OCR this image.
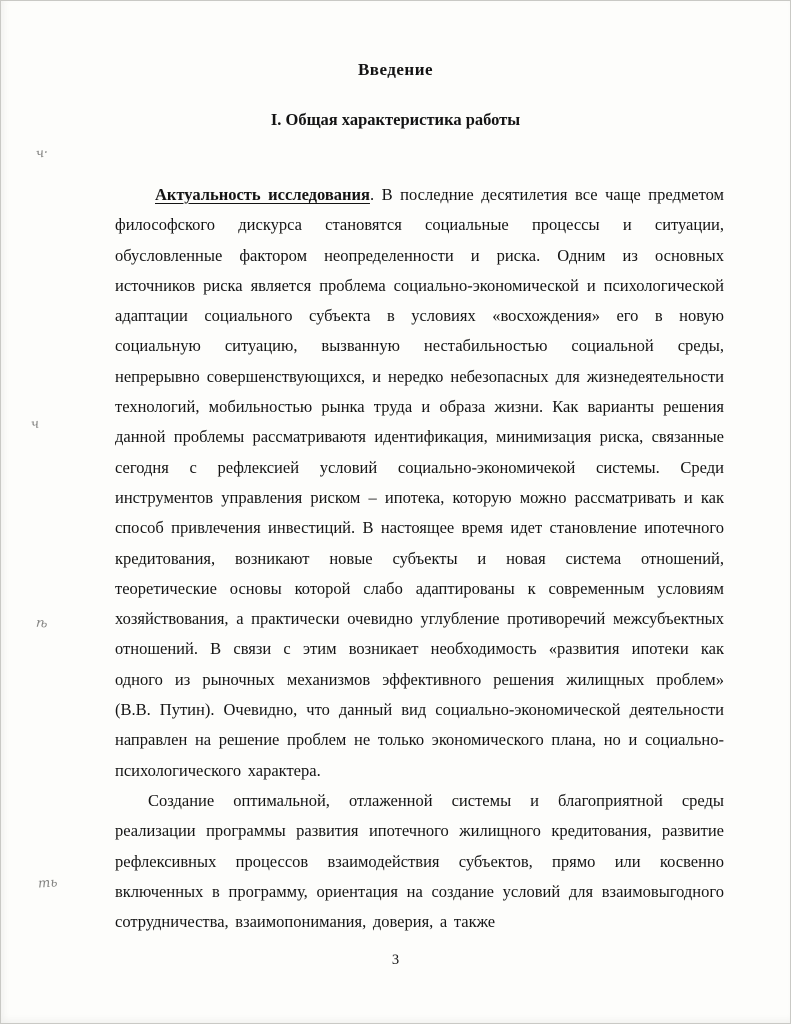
Введение
I. Общая характеристика работы

Актуальность исследования. В последние десятилетия все чаще предметом философского дискурса становятся социальные процессы и ситуации, обусловленные фактором неопределенности и риска. Одним из основных источников риска является проблема социально-экономической и психологической адаптации социального субъекта в условиях «восхождения» его в новую социальную ситуацию, вызванную нестабильностью социальной среды, непрерывно совершенствующихся, и нередко небезопасных для жизнедеятельности технологий, мобильностью рынка труда и образа жизни. Как варианты решения данной проблемы рассматриваютя идентификация, минимизация риска, связанные сегодня с рефлексией условий социально-экономичекой системы. Среди инструментов управления риском – ипотека, которую можно рассматривать и как способ привлечения инвестиций. В настоящее время идет становление ипотечного кредитования, возникают новые субъекты и новая система отношений, теоретические основы которой слабо адаптированы к современным условиям хозяйствования, а практически очевидно углубление противоречий межсубъектных отношений. В связи с этим возникает необходимость «развития ипотеки как одного из рыночных механизмов эффективного решения жилищных проблем» (В.В. Путин). Очевидно, что данный вид социально-экономической деятельности направлен на решение проблем не только экономического плана, но и социально-психологического характера.

Создание оптимальной, отлаженной системы и благоприятной среды реализации программы развития ипотечного жилищного кредитования, развитие рефлексивных процессов взаимодействия субъектов, прямо или косвенно включенных в программу, ориентация на создание условий для взаимовыгодного сотрудничества, взаимопонимания, доверия, а также

ч·
ч
ѣ
ть
3
